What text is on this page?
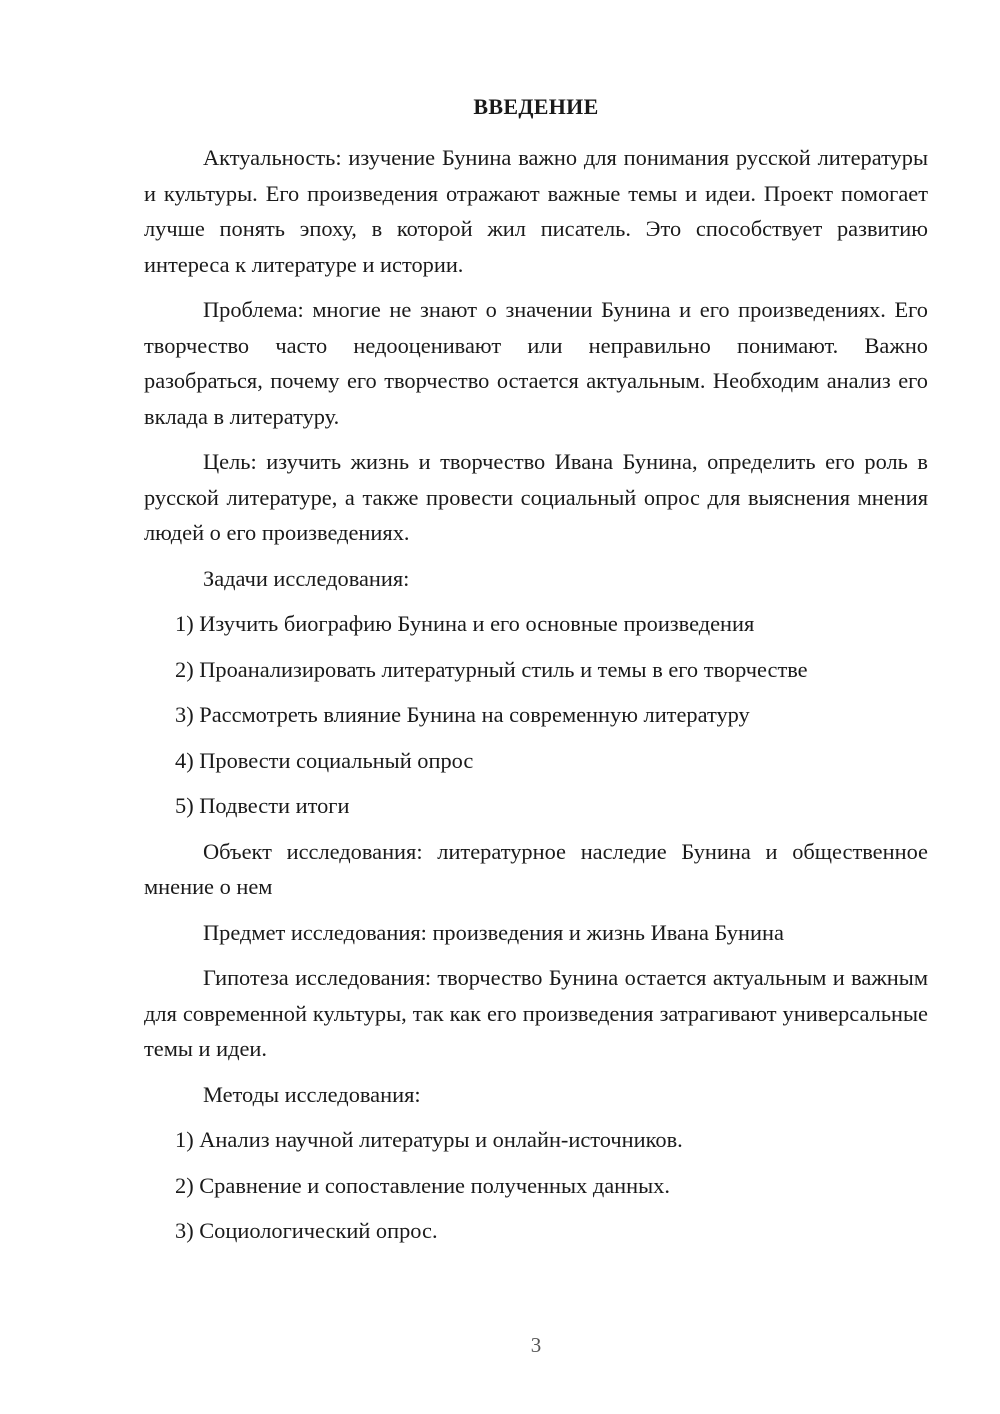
ВВЕДЕНИЕ

Актуальность: изучение Бунина важно для понимания русской литературы и культуры. Его произведения отражают важные темы и идеи. Проект помогает лучше понять эпоху, в которой жил писатель. Это способствует развитию интереса к литературе и истории.

Проблема: многие не знают о значении Бунина и его произведениях. Его творчество часто недооценивают или неправильно понимают. Важно разобраться, почему его творчество остается актуальным. Необходим анализ его вклада в литературу.

Цель: изучить жизнь и творчество Ивана Бунина, определить его роль в русской литературе, а также провести социальный опрос для выяснения мнения людей о его произведениях.

Задачи исследования:

1) Изучить биографию Бунина и его основные произведения

2) Проанализировать литературный стиль и темы в его творчестве

3) Рассмотреть влияние Бунина на современную литературу

4) Провести социальный опрос

5) Подвести итоги

Объект исследования: литературное наследие Бунина и общественное мнение о нем

Предмет исследования: произведения и жизнь Ивана Бунина

Гипотеза исследования: творчество Бунина остается актуальным и важным для современной культуры, так как его произведения затрагивают универсальные темы и идеи.

Методы исследования:

1) Анализ научной литературы и онлайн-источников.

2) Сравнение и сопоставление полученных данных.

3) Социологический опрос.

3
